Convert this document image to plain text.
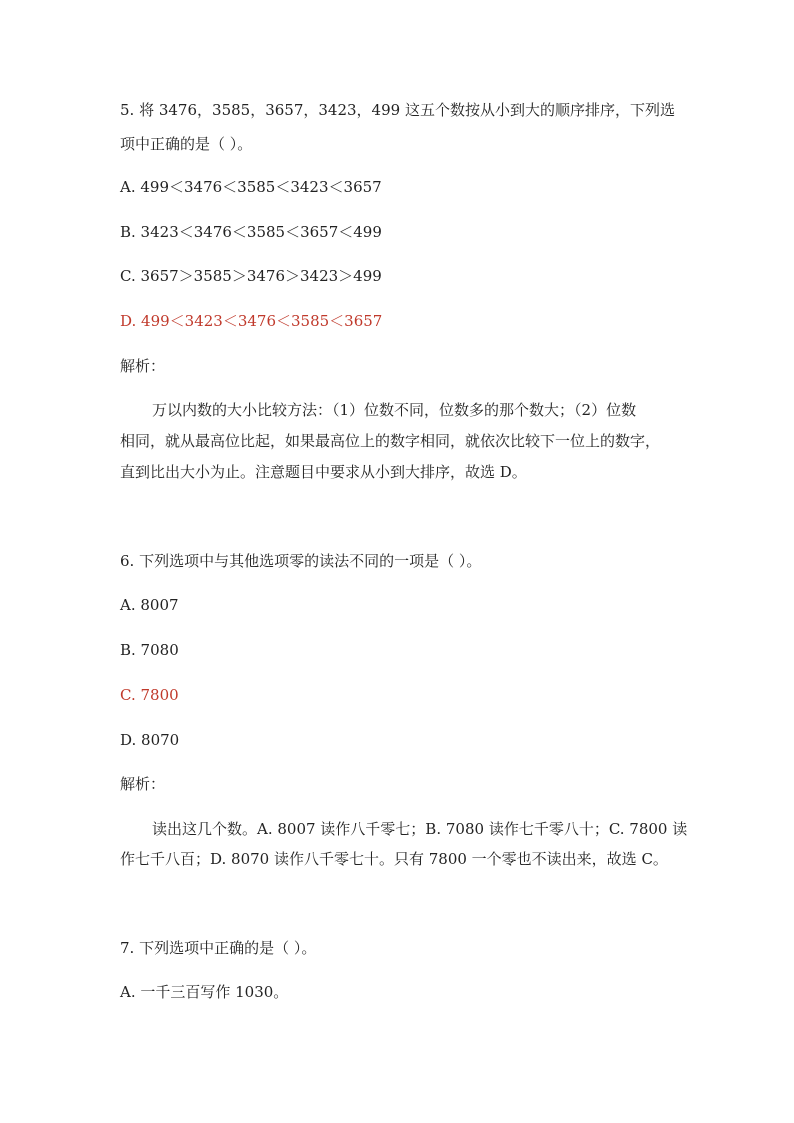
5. 将 3476，3585，3657，3423，499 这五个数按从小到大的顺序排序，下列选
项中正确的是（ ）。
A. 499＜3476＜3585＜3423＜3657
B. 3423＜3476＜3585＜3657＜499
C. 3657＞3585＞3476＞3423＞499
D. 499＜3423＜3476＜3585＜3657
解析：
万以内数的大小比较方法：（1）位数不同，位数多的那个数大；（2）位数
相同，就从最高位比起，如果最高位上的数字相同，就依次比较下一位上的数字，
直到比出大小为止。注意题目中要求从小到大排序，故选 D。
6. 下列选项中与其他选项零的读法不同的一项是（ ）。
A. 8007
B. 7080
C. 7800
D. 8070
解析：
读出这几个数。A. 8007 读作八千零七；B. 7080 读作七千零八十；C. 7800 读
作七千八百；D. 8070 读作八千零七十。只有 7800 一个零也不读出来，故选 C。
7. 下列选项中正确的是（ ）。
A. 一千三百写作 1030。
